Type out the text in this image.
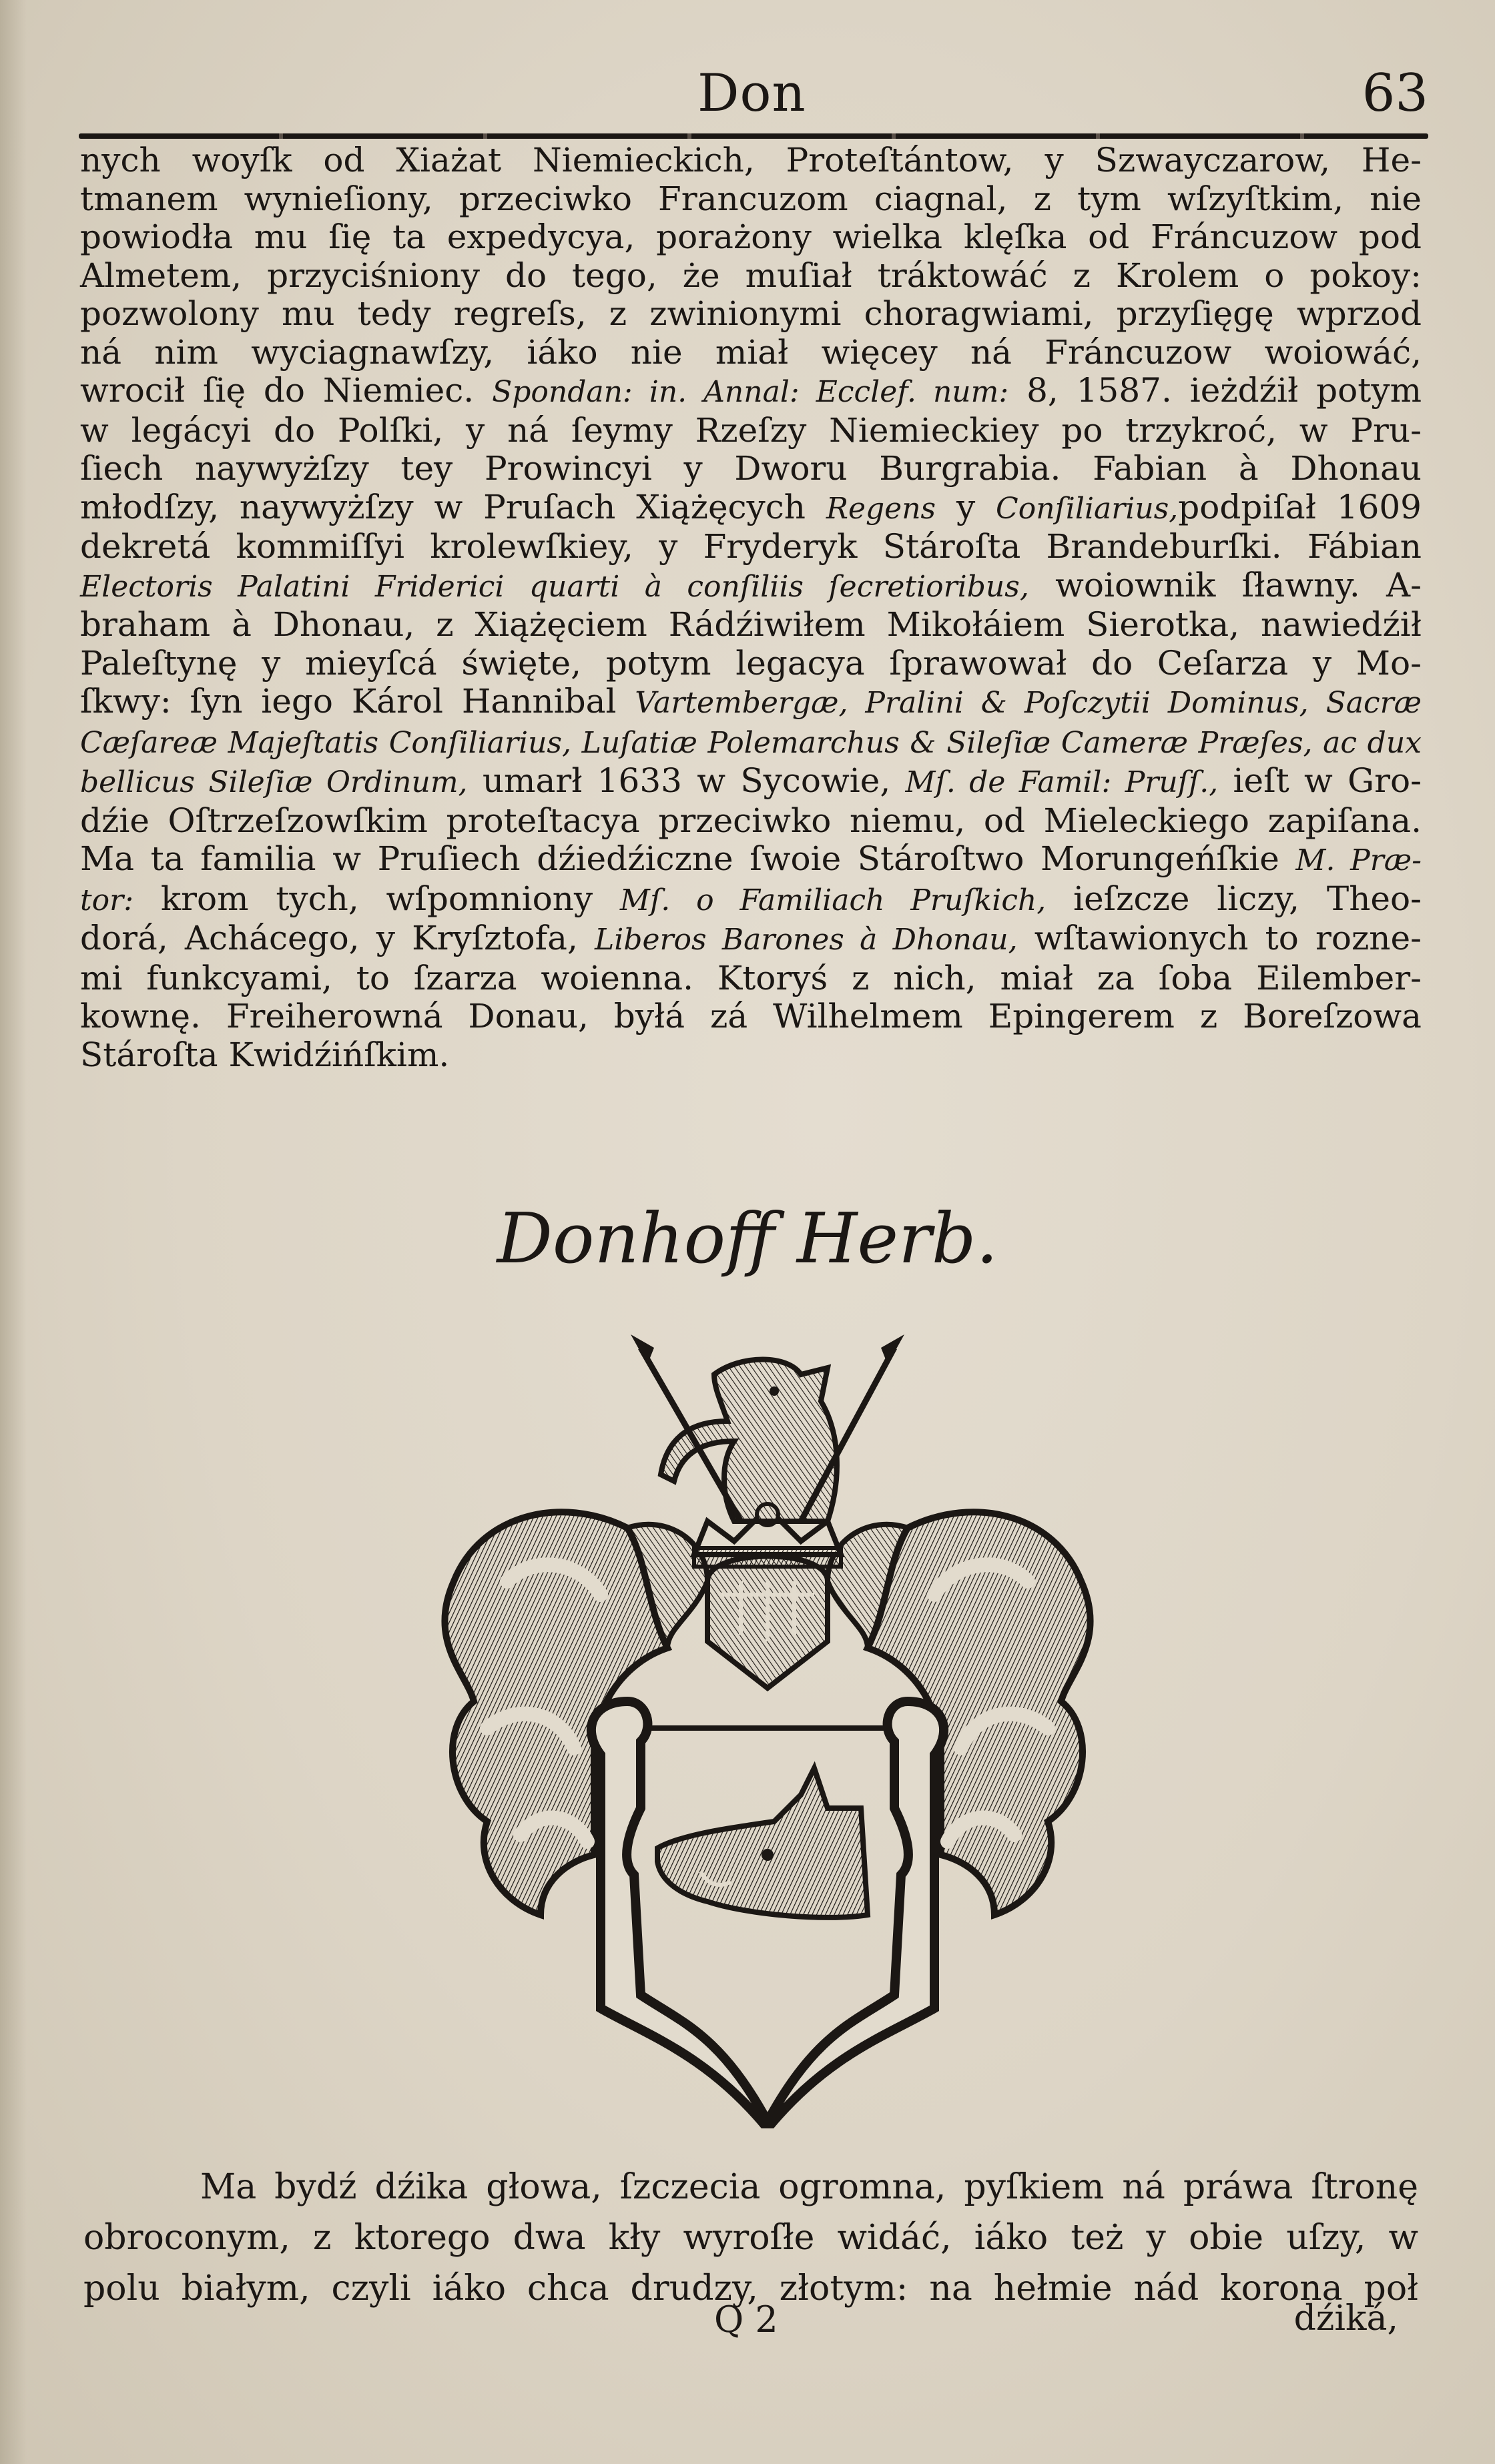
Don	63
nych woyſk od Xiażat Niemieckich, Proteſtántow, y Szwayczarow, He-
tmanem wynieſiony, przeciwko Francuzom ciagnal, z tym wſzyſtkim, nie
powiodła mu ſię ta expedycya, porażony wielka klęſka od Fráncuzow pod
Almetem, przyciśniony do tego, że muſiał tráktowáć z Krolem o pokoy:
pozwolony mu tedy regreſs, z zwinionymi choragwiami, przyſięgę wprzod
ná nim wyciagnawſzy, iáko nie miał więcey ná Fráncuzow woiowáć,
wrocił ſię do Niemiec. Spondan: in. Annal: Ecclef. num: 8, 1587. ieżdźił potym
w legácyi do Polſki, y ná ſeymy Rzeſzy Niemieckiey po trzykroć, w Pru-
ſiech naywyżſzy tey Prowincyi y Dworu Burgrabia. Fabian à Dhonau
młodſzy, naywyżſzy w Pruſach Xiążęcych Regens y Conſiliarius,podpiſał 1609
dekretá kommiſſyi krolewſkiey, y Fryderyk Stároſta Brandeburſki. Fábian
Electoris Palatini Friderici quarti à conſiliis ſecretioribus, woiownik ſławny. A-
braham à Dhonau, z Xiążęciem Rádźiwiłem Mikołáiem Sierotka, nawiedźił
Paleſtynę y mieyſcá święte, potym legacya ſprawował do Ceſarza y Mo-
ſkwy: ſyn iego Károl Hannibal Vartembergæ, Pralini & Poſczytii Dominus, Sacræ
Cæſareæ Majeſtatis Conſiliarius, Luſatiæ Polemarchus & Sileſiæ Cameræ Præſes, ac dux
bellicus Sileſiæ Ordinum, umarł 1633 w Sycowie, Mſ. de Famil: Pruſſ., ieſt w Gro-
dźie Oſtrzeſzowſkim proteſtacya przeciwko niemu, od Mieleckiego zapiſana.
Ma ta familia w Pruſiech dźiedźiczne ſwoie Stároſtwo Morungeńſkie M. Præ-
tor: krom tych, wſpomniony Mſ. o Familiach Pruſkich, ieſzcze liczy, Theo-
dorá, Achácego, y Kryſztofa, Liberos Barones à Dhonau, wſtawionych to rozne-
mi funkcyami, to ſzarza woienna. Ktoryś z nich, miał za ſoba Eilember-
kownę. Freiherowná Donau, byłá zá Wilhelmem Epingerem z Boreſzowa
Stároſta Kwidźińſkim.
Donhoff Herb.
Ma bydź dźika głowa, ſzczecia ogromna, pyſkiem ná práwa ſtronę
obroconym, z ktorego dwa kły wyroſłe widáć, iáko też y obie uſzy, w
polu białym, czyli iáko chca drudzy, złotym: na hełmie nád korona poł
Q 2	dźiká,
